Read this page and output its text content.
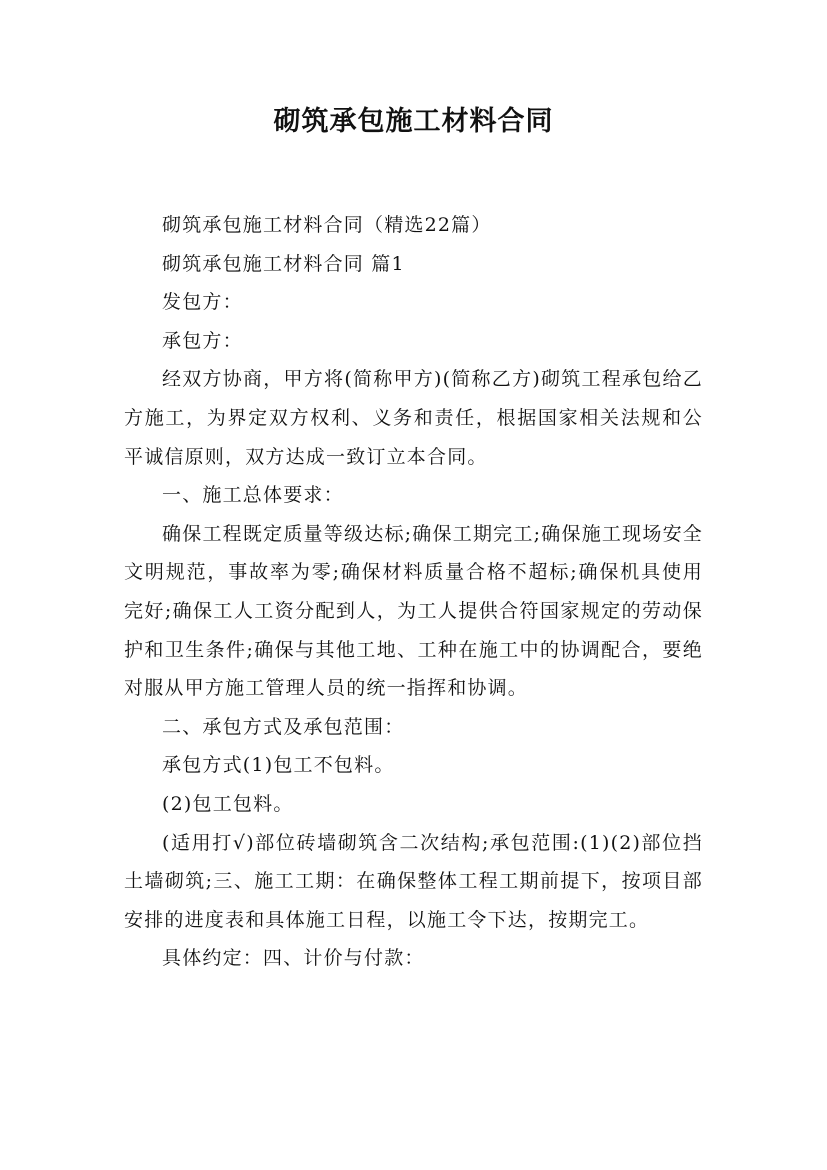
砌筑承包施工材料合同

砌筑承包施工材料合同（精选22篇）

砌筑承包施工材料合同 篇1

发包方：

承包方：

经双方协商，甲方将(简称甲方)(简称乙方)砌筑工程承包给乙方施工，为界定双方权利、义务和责任，根据国家相关法规和公平诚信原则，双方达成一致订立本合同。

一、施工总体要求：

确保工程既定质量等级达标;确保工期完工;确保施工现场安全文明规范，事故率为零;确保材料质量合格不超标;确保机具使用完好;确保工人工资分配到人，为工人提供合符国家规定的劳动保护和卫生条件;确保与其他工地、工种在施工中的协调配合，要绝对服从甲方施工管理人员的统一指挥和协调。

二、承包方式及承包范围：

承包方式(1)包工不包料。

(2)包工包料。

(适用打√)部位砖墙砌筑含二次结构;承包范围:(1)(2)部位挡土墙砌筑;三、施工工期：在确保整体工程工期前提下，按项目部安排的进度表和具体施工日程，以施工令下达，按期完工。

具体约定：四、计价与付款：
